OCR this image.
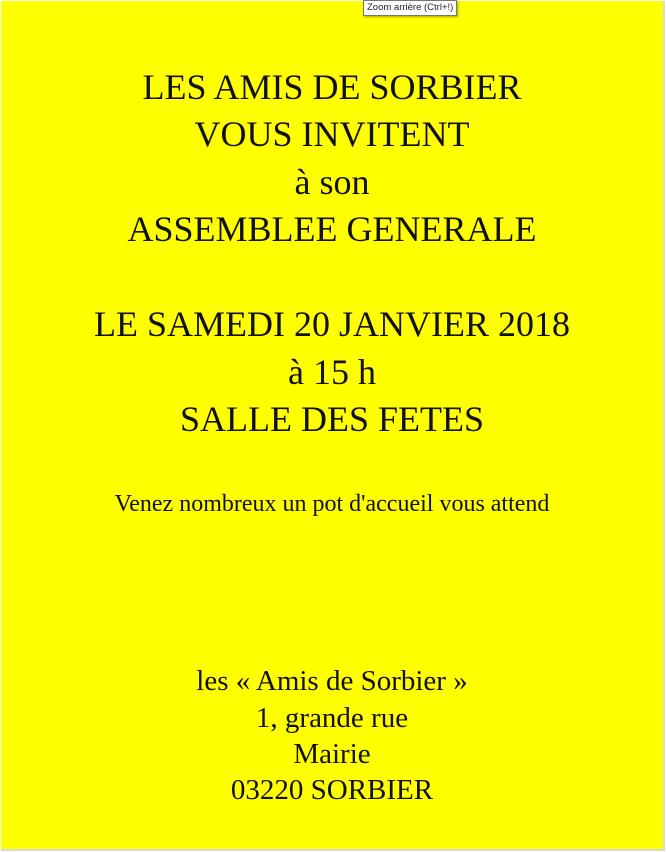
Zoom arrière (Ctrl+!)
LES AMIS DE SORBIER
VOUS INVITENT
à son
ASSEMBLEE GENERALE
LE SAMEDI 20 JANVIER 2018
à 15 h
SALLE DES FETES
Venez nombreux un pot d'accueil vous attend
les « Amis de Sorbier »
1, grande rue
Mairie
03220 SORBIER
